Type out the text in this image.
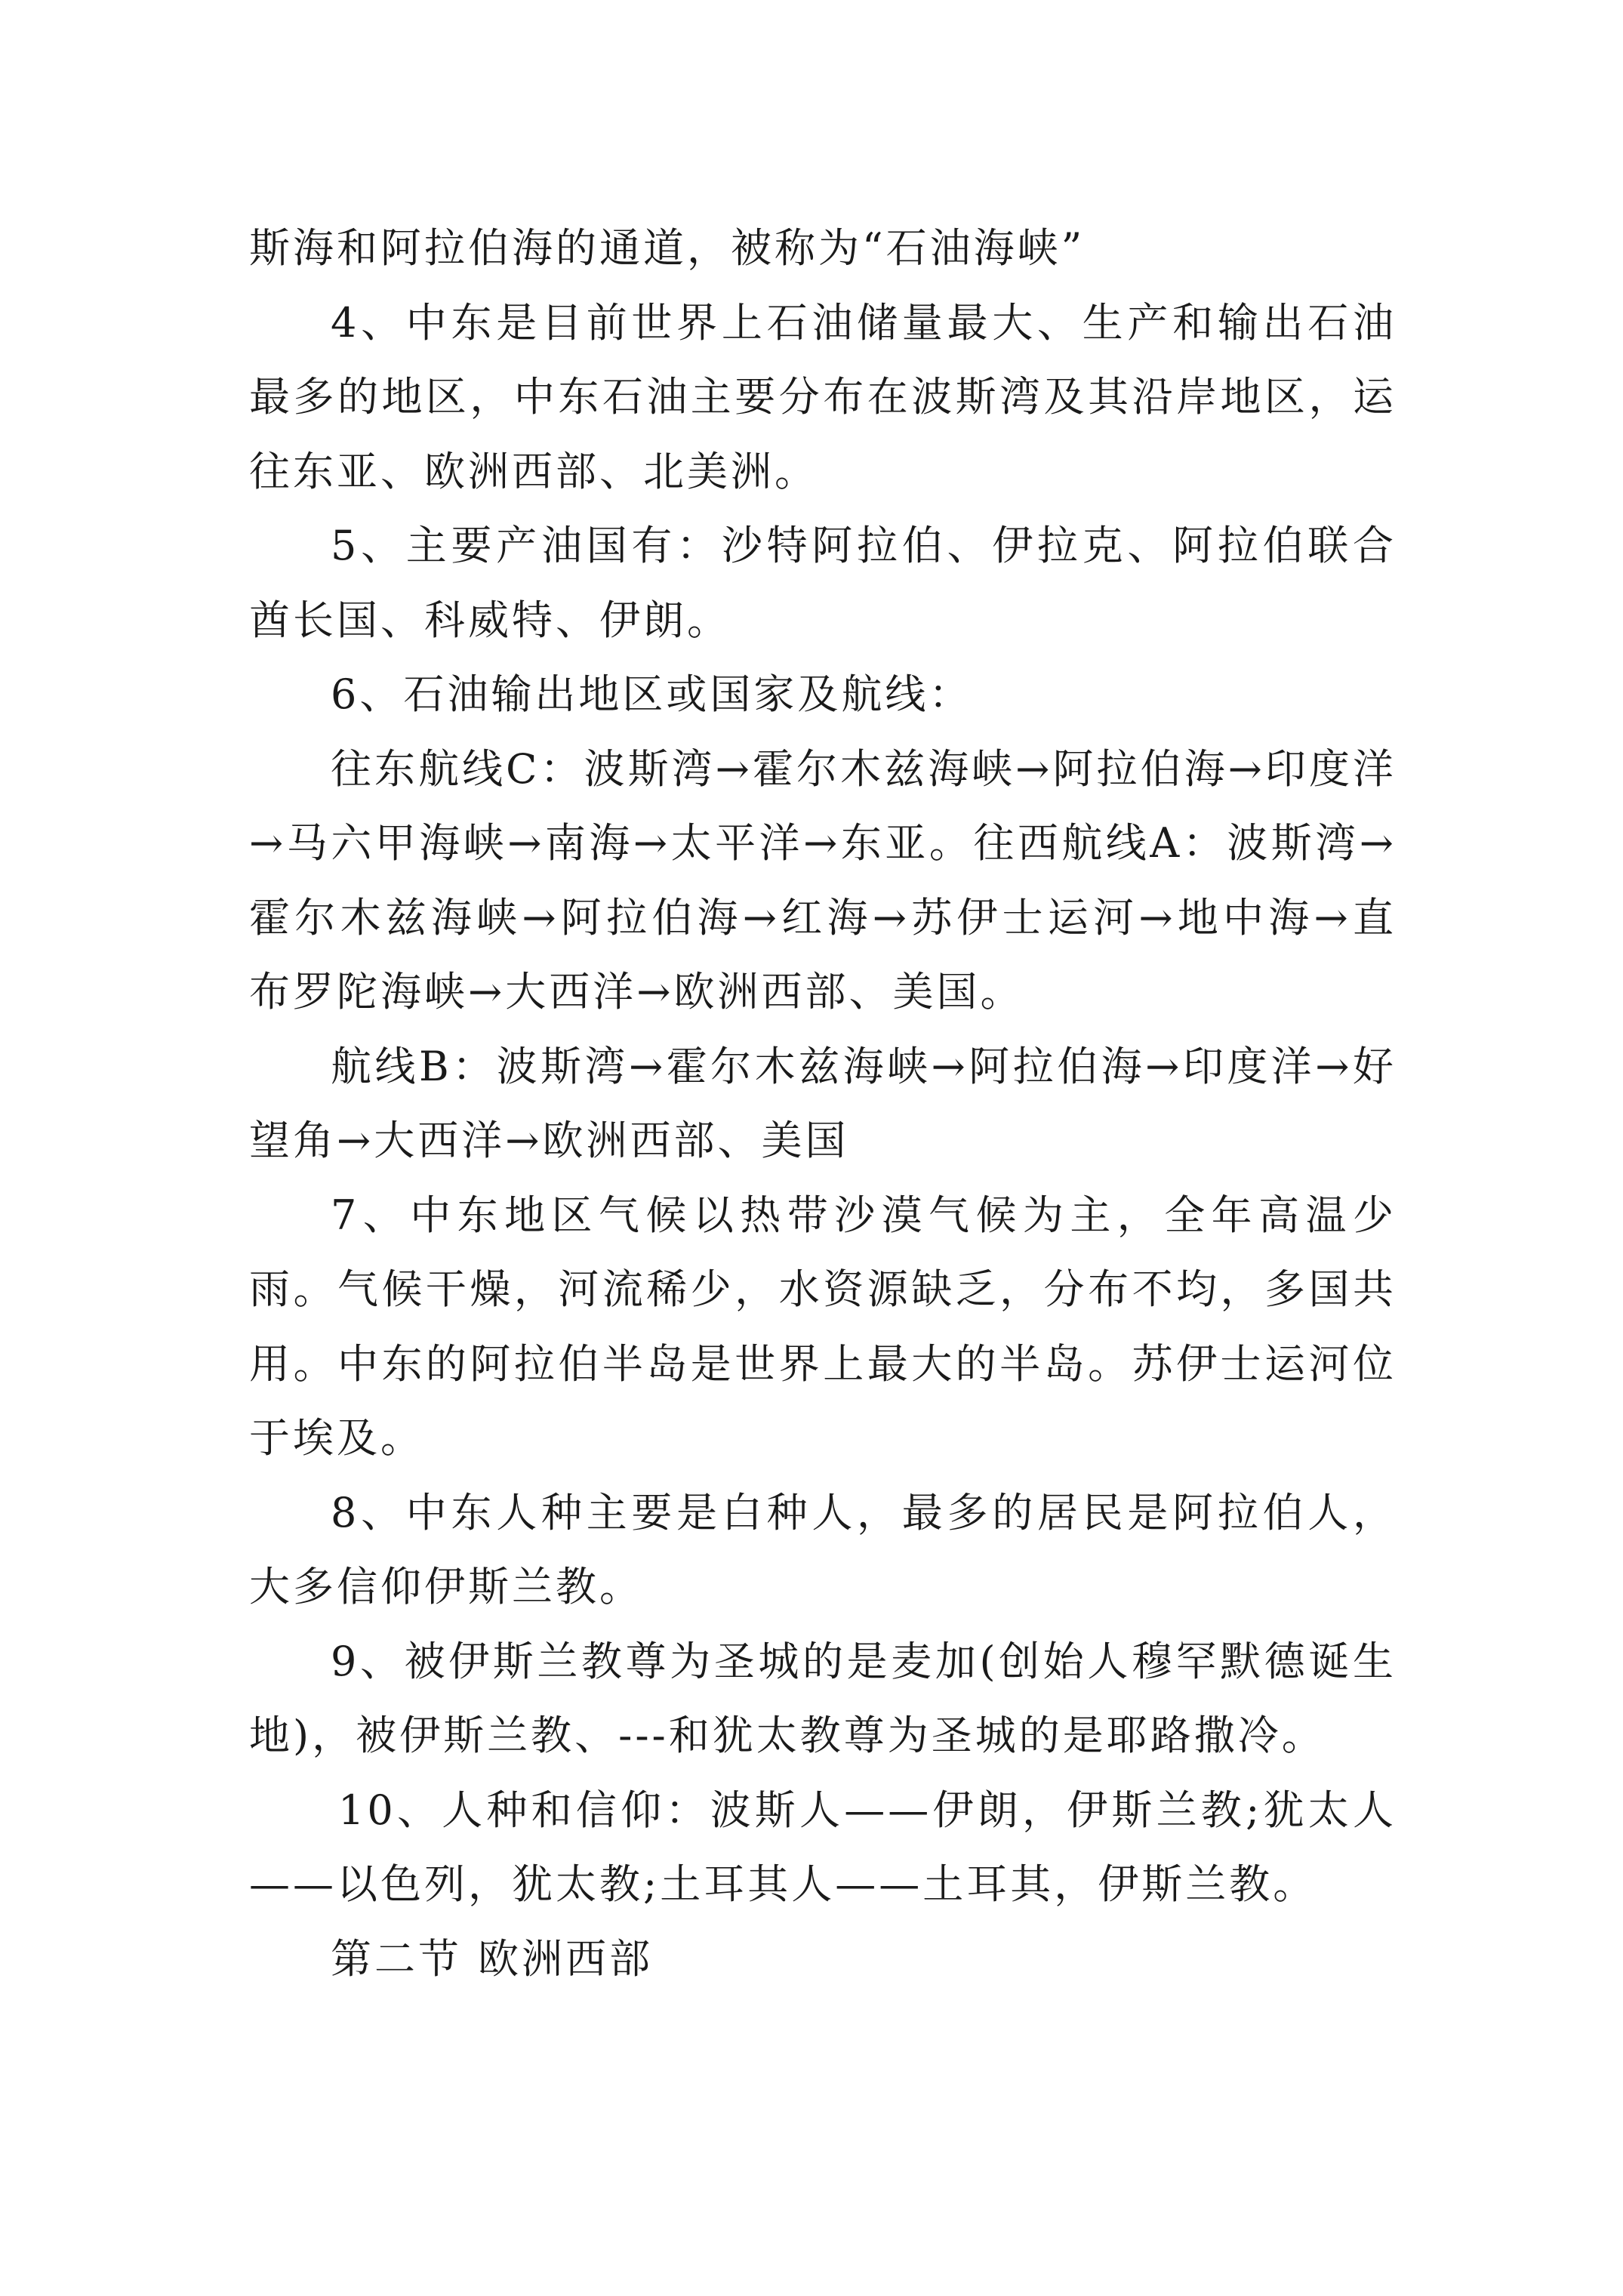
斯海和阿拉伯海的通道，被称为“石油海峡”

4、中东是目前世界上石油储量最大、生产和输出石油最多的地区，中东石油主要分布在波斯湾及其沿岸地区，运往东亚、欧洲西部、北美洲。

5、主要产油国有：沙特阿拉伯、伊拉克、阿拉伯联合酋长国、科威特、伊朗。

6、石油输出地区或国家及航线：

往东航线C：波斯湾→霍尔木兹海峡→阿拉伯海→印度洋→马六甲海峡→南海→太平洋→东亚。往西航线A：波斯湾→霍尔木兹海峡→阿拉伯海→红海→苏伊士运河→地中海→直布罗陀海峡→大西洋→欧洲西部、美国。

航线B：波斯湾→霍尔木兹海峡→阿拉伯海→印度洋→好望角→大西洋→欧洲西部、美国

7、中东地区气候以热带沙漠气候为主，全年高温少雨。气候干燥，河流稀少，水资源缺乏，分布不均，多国共用。中东的阿拉伯半岛是世界上最大的半岛。苏伊士运河位于埃及。

8、中东人种主要是白种人，最多的居民是阿拉伯人，大多信仰伊斯兰教。

9、被伊斯兰教尊为圣城的是麦加(创始人穆罕默德诞生地)，被伊斯兰教、---和犹太教尊为圣城的是耶路撒冷。

10、人种和信仰：波斯人——伊朗，伊斯兰教;犹太人——以色列，犹太教;土耳其人——土耳其，伊斯兰教。

第二节 欧洲西部
